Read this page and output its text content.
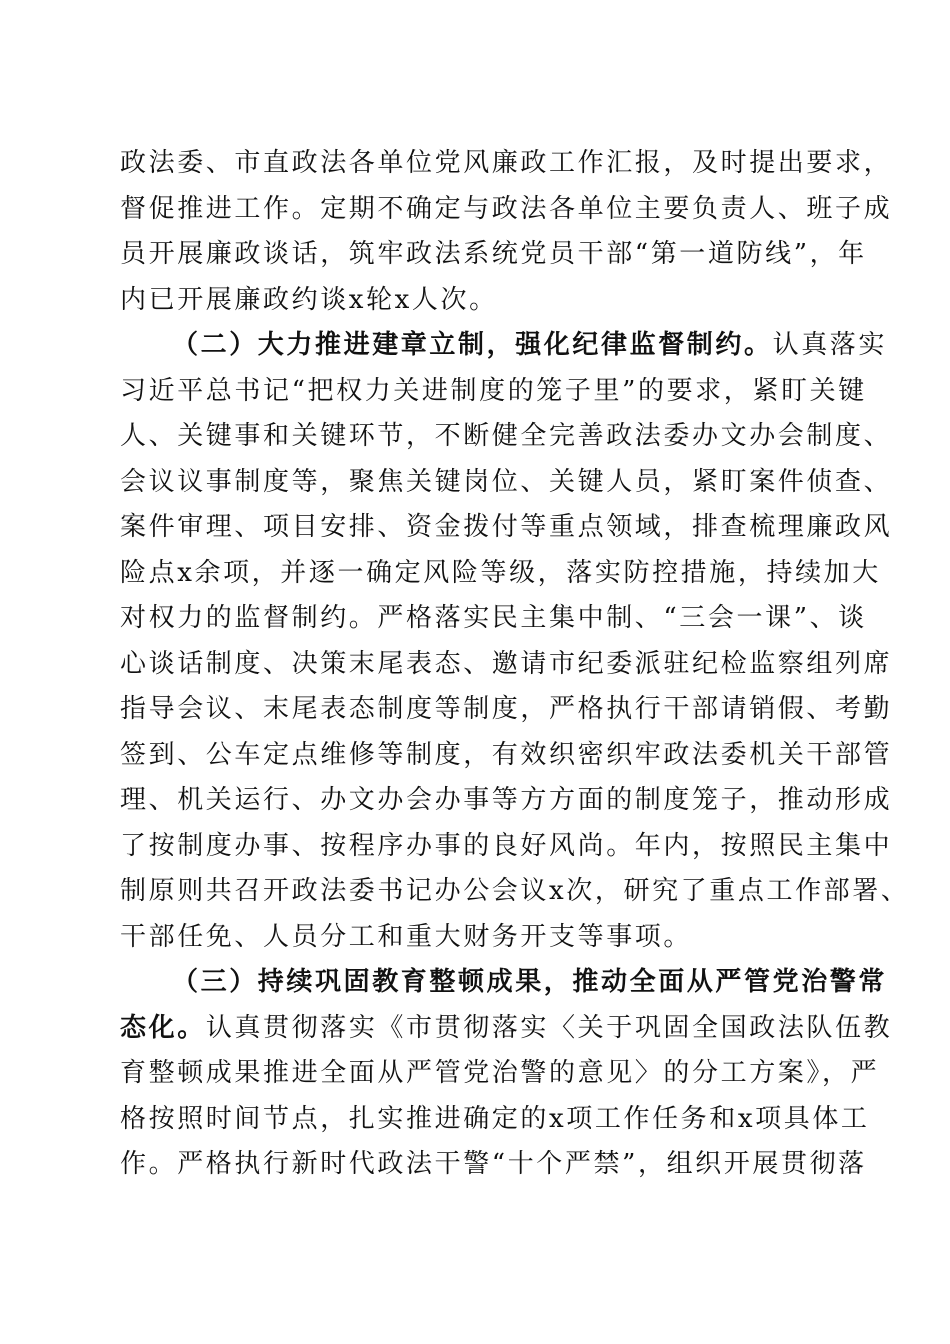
政法委、市直政法各单位党风廉政工作汇报，及时提出要求，
督促推进工作。定期不确定与政法各单位主要负责人、班子成
员开展廉政谈话，筑牢政法系统党员干部“第一道防线”，年
内已开展廉政约谈x轮x人次。
（二）大力推进建章立制，强化纪律监督制约。认真落实
习近平总书记“把权力关进制度的笼子里”的要求，紧盯关键
人、关键事和关键环节，不断健全完善政法委办文办会制度、
会议议事制度等，聚焦关键岗位、关键人员，紧盯案件侦查、
案件审理、项目安排、资金拨付等重点领域，排查梳理廉政风
险点x余项，并逐一确定风险等级，落实防控措施，持续加大
对权力的监督制约。严格落实民主集中制、“三会一课”、谈
心谈话制度、决策末尾表态、邀请市纪委派驻纪检监察组列席
指导会议、末尾表态制度等制度，严格执行干部请销假、考勤
签到、公车定点维修等制度，有效织密织牢政法委机关干部管
理、机关运行、办文办会办事等方方面的制度笼子，推动形成
了按制度办事、按程序办事的良好风尚。年内，按照民主集中
制原则共召开政法委书记办公会议x次，研究了重点工作部署、
干部任免、人员分工和重大财务开支等事项。
（三）持续巩固教育整顿成果，推动全面从严管党治警常
态化。认真贯彻落实《市贯彻落实〈关于巩固全国政法队伍教
育整顿成果推进全面从严管党治警的意见〉的分工方案》，严
格按照时间节点，扎实推进确定的x项工作任务和x项具体工
作。严格执行新时代政法干警“十个严禁”，组织开展贯彻落
